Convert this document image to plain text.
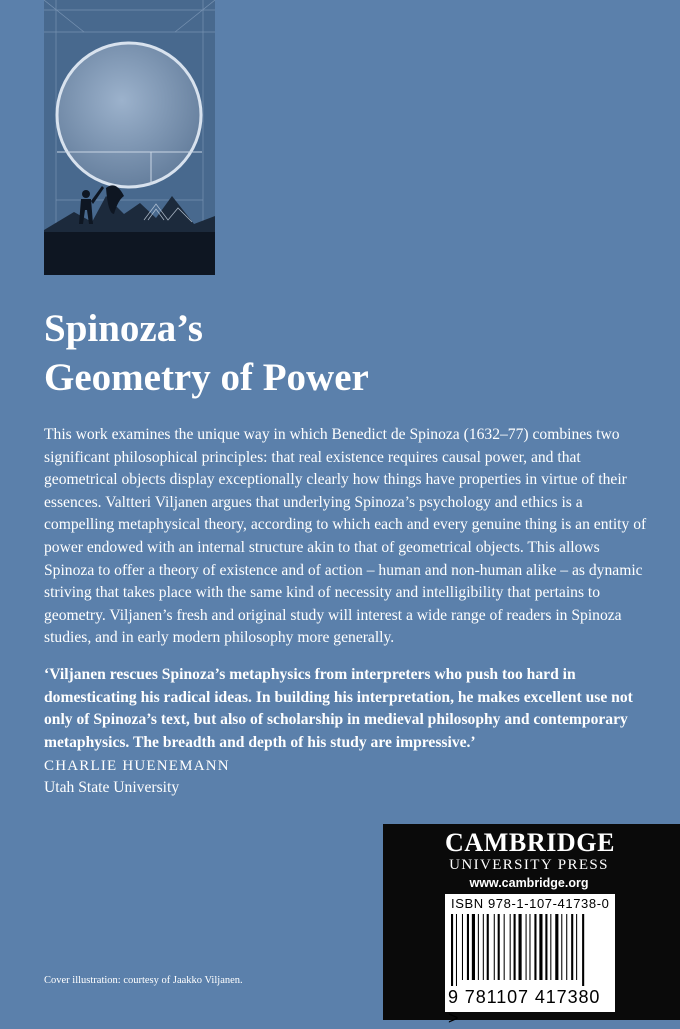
Spinoza’s
Geometry of Power

This work examines the unique way in which Benedict de Spinoza (1632–77) combines two significant philosophical principles: that real existence requires causal power, and that geometrical objects display exceptionally clearly how things have properties in virtue of their essences. Valtteri Viljanen argues that underlying Spinoza’s psychology and ethics is a compelling metaphysical theory, according to which each and every genuine thing is an entity of power endowed with an internal structure akin to that of geometrical objects. This allows Spinoza to offer a theory of existence and of action – human and non-human alike – as dynamic striving that takes place with the same kind of necessity and intelligibility that pertains to geometry. Viljanen’s fresh and original study will interest a wide range of readers in Spinoza studies, and in early modern philosophy more generally.

‘Viljanen rescues Spinoza’s metaphysics from interpreters who push too hard in domesticating his radical ideas. In building his interpretation, he makes excellent use not only of Spinoza’s text, but also of scholarship in medieval philosophy and contemporary metaphysics. The breadth and depth of his study are impressive.’

CHARLIE HUENEMANN

Utah State University

CAMBRIDGE
UNIVERSITY PRESS
www.cambridge.org

ISBN 978-1-107-41738-0

9 781107 417380 >

Cover illustration: courtesy of Jaakko Viljanen.
